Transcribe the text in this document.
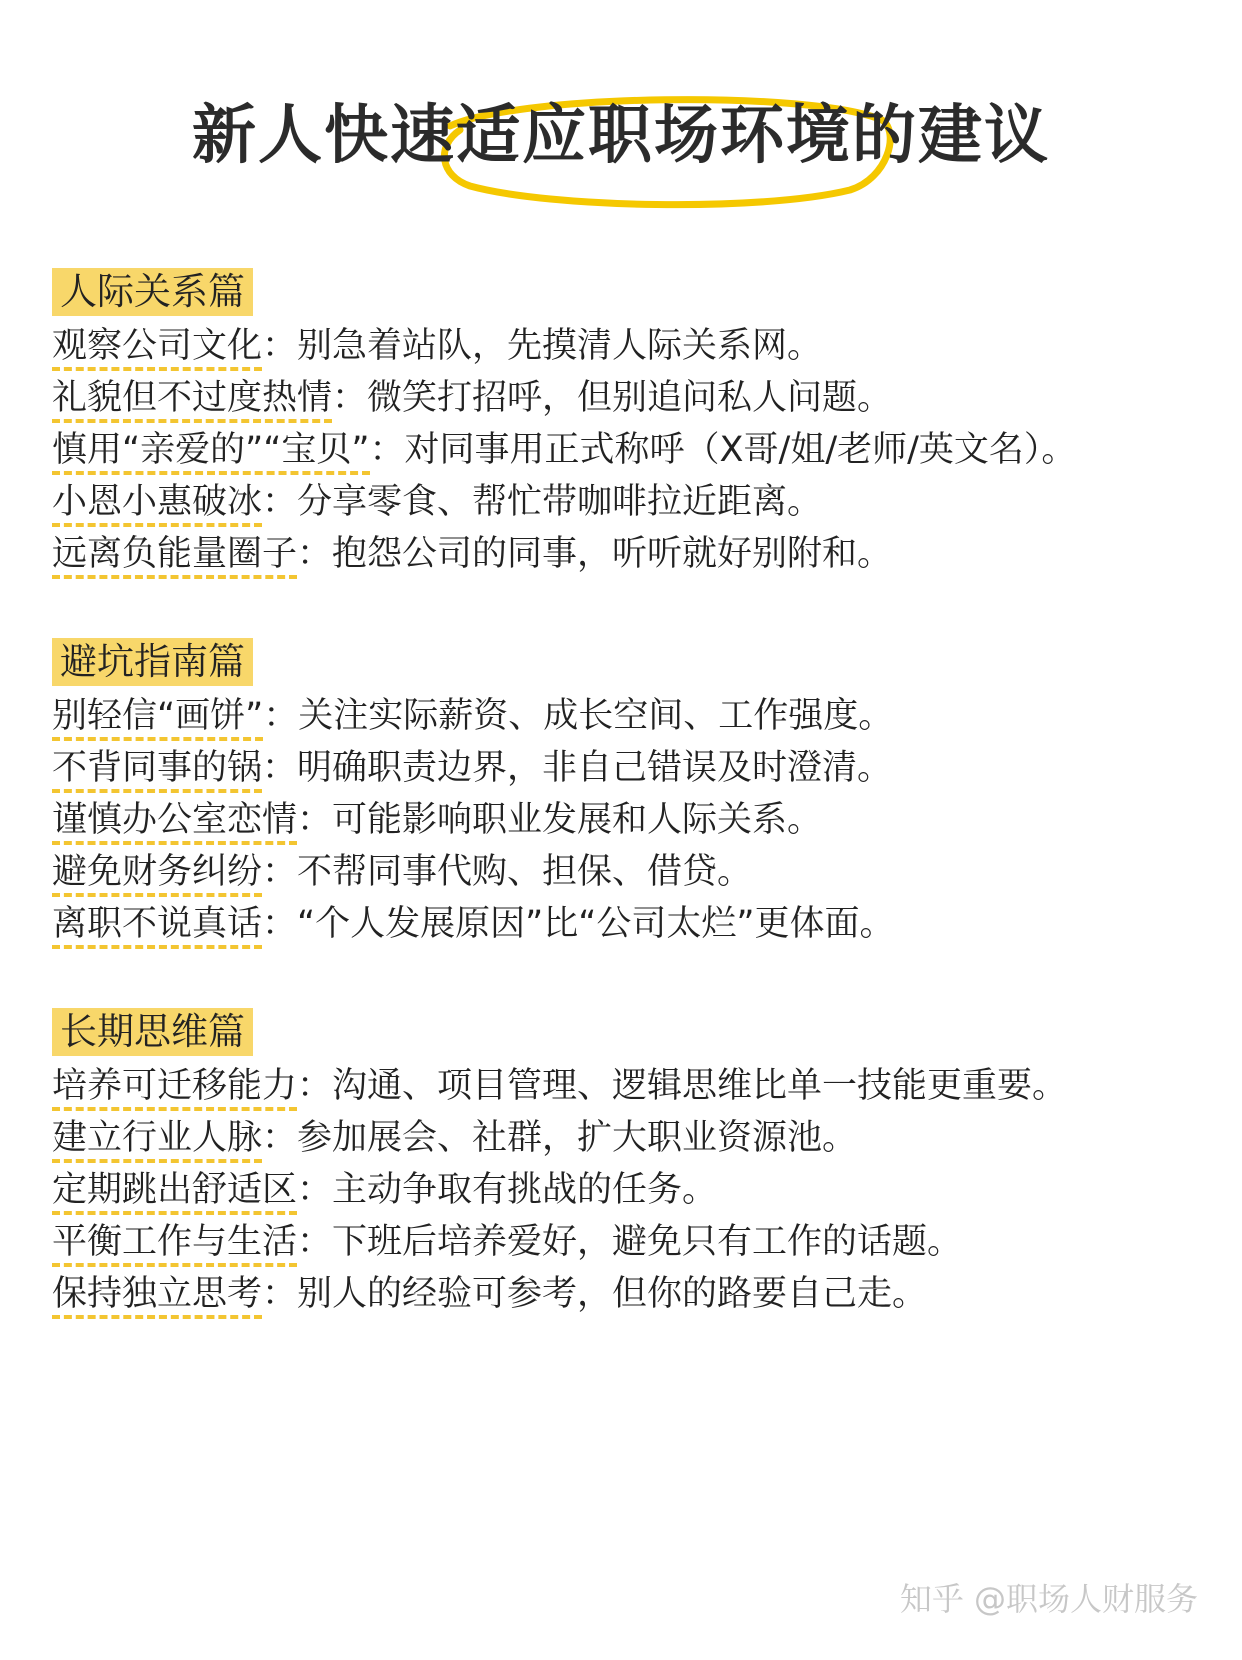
新人快速适应职场环境的建议
人际关系篇

观察公司文化：别急着站队，先摸清人际关系网。

礼貌但不过度热情：微笑打招呼，但别追问私人问题。

慎用“亲爱的”“宝贝”：对同事用正式称呼（X哥/姐/老师/英文名）。

小恩小惠破冰：分享零食、帮忙带咖啡拉近距离。

远离负能量圈子：抱怨公司的同事，听听就好别附和。

避坑指南篇

别轻信“画饼”：关注实际薪资、成长空间、工作强度。

不背同事的锅：明确职责边界，非自己错误及时澄清。

谨慎办公室恋情：可能影响职业发展和人际关系。

避免财务纠纷：不帮同事代购、担保、借贷。

离职不说真话：“个人发展原因”比“公司太烂”更体面。

长期思维篇

培养可迁移能力：沟通、项目管理、逻辑思维比单一技能更重要。

建立行业人脉：参加展会、社群，扩大职业资源池。

定期跳出舒适区：主动争取有挑战的任务。

平衡工作与生活：下班后培养爱好，避免只有工作的话题。

保持独立思考：别人的经验可参考，但你的路要自己走。

知乎 @职场人财服务
